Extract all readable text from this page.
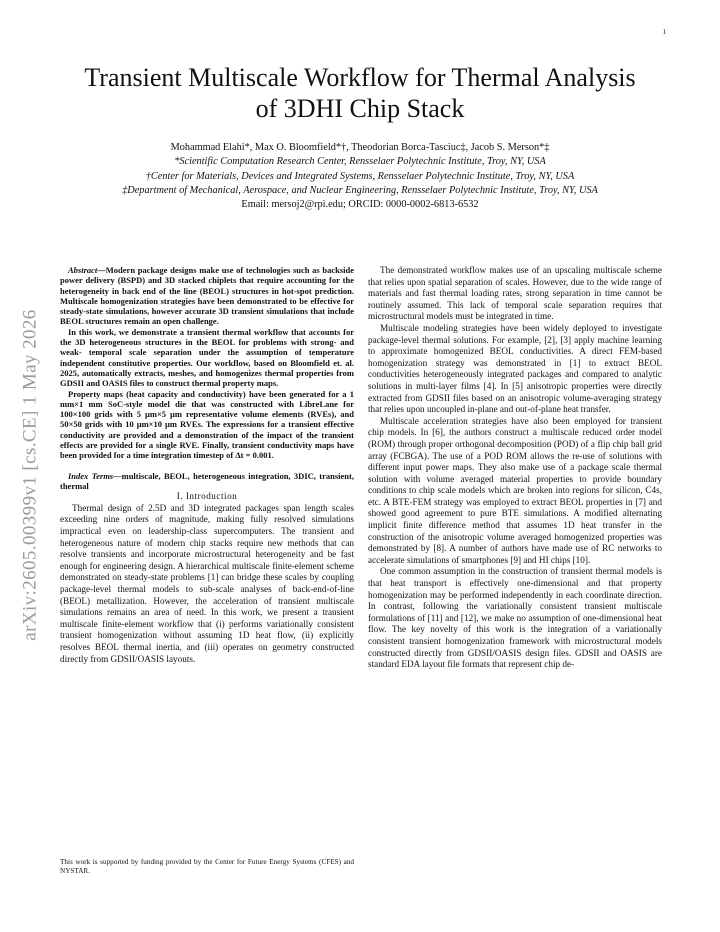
1
arXiv:2605.00399v1 [cs.CE] 1 May 2026
Transient Multiscale Workflow for Thermal Analysis of 3DHI Chip Stack
Mohammad Elahi*, Max O. Bloomfield*†, Theodorian Borca-Tasciuc‡, Jacob S. Merson*‡
*Scientific Computation Research Center, Rensselaer Polytechnic Institute, Troy, NY, USA
†Center for Materials, Devices and Integrated Systems, Rensselaer Polytechnic Institute, Troy, NY, USA
‡Department of Mechanical, Aerospace, and Nuclear Engineering, Rensselaer Polytechnic Institute, Troy, NY, USA
Email: mersoj2@rpi.edu; ORCID: 0000-0002-6813-6532

Abstract—Modern package designs make use of technologies such as backside power delivery (BSPD) and 3D stacked chiplets that require accounting for the heterogeneity in back end of the line (BEOL) structures in hot-spot prediction. Multiscale homogenization strategies have been demonstrated to be effective for steady-state simulations, however accurate 3D transient simulations that include BEOL structures remain an open challenge.

In this work, we demonstrate a transient thermal workflow that accounts for the 3D heterogeneous structures in the BEOL for problems with strong- and weak- temporal scale separation under the assumption of temperature independent constitutive properties. Our workflow, based on Bloomfield et. al. 2025, automatically extracts, meshes, and homogenizes thermal properties from GDSII and OASIS files to construct thermal property maps.

Property maps (heat capacity and conductivity) have been generated for a 1 mm×1 mm SoC-style model die that was constructed with LibreLane for 100×100 grids with 5 µm×5 µm representative volume elements (RVEs), and 50×50 grids with 10 µm×10 µm RVEs. The expressions for a transient effective conductivity are provided and a demonstration of the impact of the transient effects are provided for a single RVE. Finally, transient conductivity maps have been provided for a time integration timestep of Δt = 0.001.

Index Terms—multiscale, BEOL, heterogeneous integration, 3DIC, transient, thermal

I. Introduction

Thermal design of 2.5D and 3D integrated packages span length scales exceeding nine orders of magnitude, making fully resolved simulations impractical even on leadership-class supercomputers. The transient and heterogeneous nature of modern chip stacks require new methods that can resolve transients and incorporate microstructural heterogeneity and be fast enough for engineering design. A hierarchical multiscale finite-element scheme demonstrated on steady-state problems [1] can bridge these scales by coupling package-level thermal models to sub-scale analyses of back-end-of-line (BEOL) metallization. However, the acceleration of transient multiscale simulations remains an area of need. In this work, we present a transient multiscale finite-element workflow that (i) performs variationally consistent transient homogenization without assuming 1D heat flow, (ii) explicitly resolves BEOL thermal inertia, and (iii) operates on geometry constructed directly from GDSII/OASIS layouts.

The demonstrated workflow makes use of an upscaling multiscale scheme that relies upon spatial separation of scales. However, due to the wide range of materials and fast thermal loading rates, strong separation in time cannot be routinely assumed. This lack of temporal scale separation requires that microstructural models must be integrated in time.

Multiscale modeling strategies have been widely deployed to investigate package-level thermal solutions. For example, [2], [3] apply machine learning to approximate homogenized BEOL conductivities. A direct FEM-based homogenization strategy was demonstrated in [1] to extract BEOL conductivities heterogeneously integrated packages and compared to analytic solutions in multi-layer films [4]. In [5] anisotropic properties were directly extracted from GDSII files based on an anisotropic volume-averaging strategy that relies upon uncoupled in-plane and out-of-plane heat transfer.

Multiscale acceleration strategies have also been employed for transient chip models. In [6], the authors construct a multiscale reduced order model (ROM) through proper orthogonal decomposition (POD) of a flip chip ball grid array (FCBGA). The use of a POD ROM allows the re-use of solutions with different input power maps. They also make use of a package scale thermal solution with volume averaged material properties to provide boundary conditions to chip scale models which are broken into regions for silicon, C4s, etc. A BTE-FEM strategy was employed to extract BEOL properties in [7] and showed good agreement to pure BTE simulations. A modified alternating implicit finite difference method that assumes 1D heat transfer in the construction of the anisotropic volume averaged homogenized properties was demonstrated by [8]. A number of authors have made use of RC networks to accelerate simulations of smartphones [9] and HI chips [10].

One common assumption in the construction of transient thermal models is that heat transport is effectively one-dimensional and that property homogenization may be performed independently in each coordinate direction. In contrast, following the variationally consistent transient multiscale formulations of [11] and [12], we make no assumption of one-dimensional heat flow. The key novelty of this work is the integration of a variationally consistent transient homogenization framework with microstructural models constructed directly from GDSII/OASIS design files. GDSII and OASIS are standard EDA layout file formats that represent chip de-

This work is supported by funding provided by the Center for Future Energy Systems (CFES) and NYSTAR.
